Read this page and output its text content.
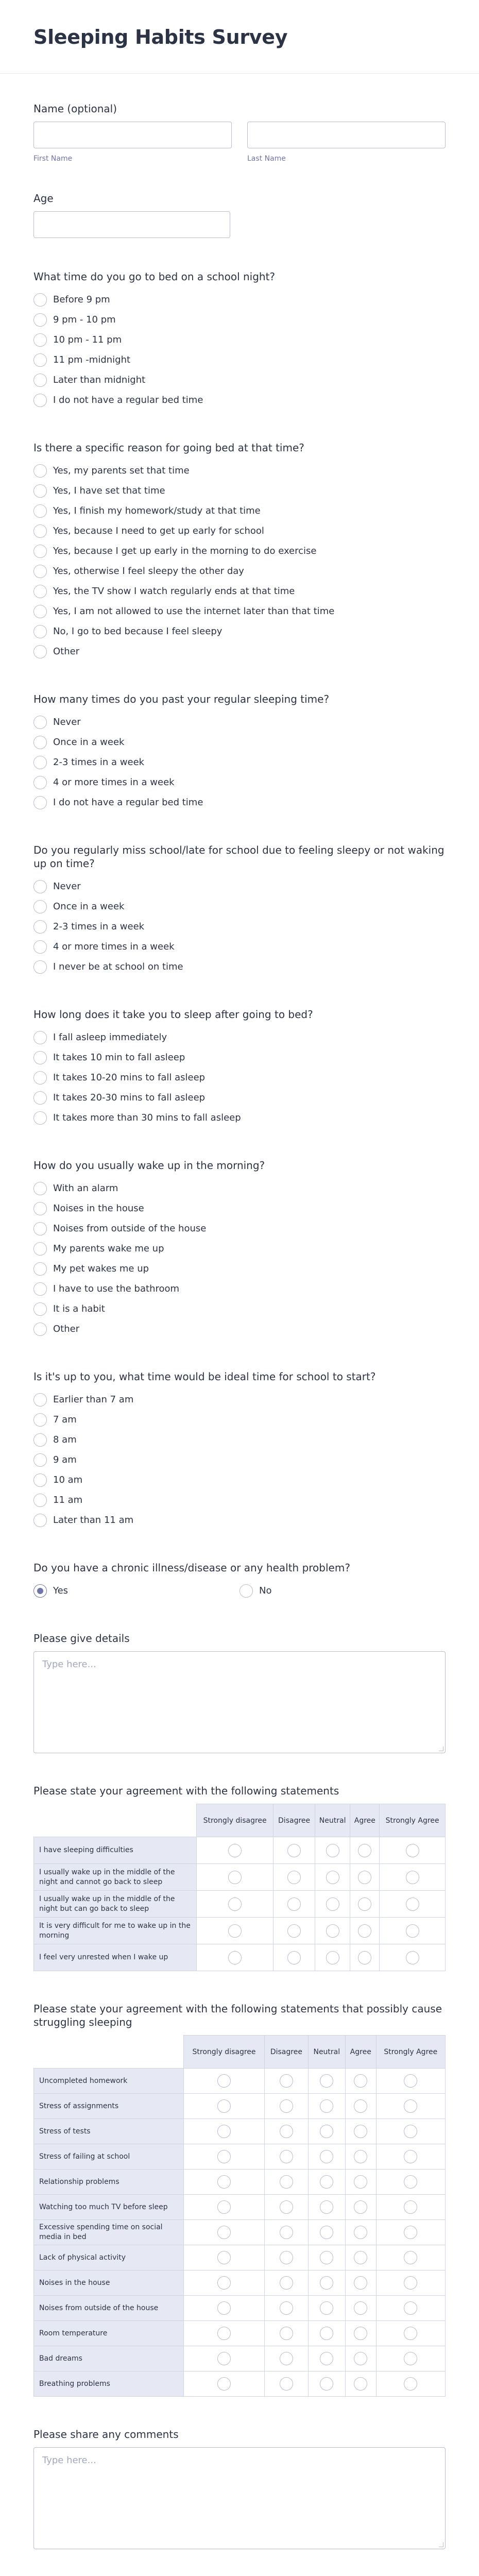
Sleeping Habits Survey
Name (optional)
First Name	Last Name
Age
What time do you go to bed on a school night?
Before 9 pm
9 pm - 10 pm
10 pm - 11 pm
11 pm -midnight
Later than midnight
I do not have a regular bed time
Is there a specific reason for going bed at that time?
Yes, my parents set that time
Yes, I have set that time
Yes, I finish my homework/study at that time
Yes, because I need to get up early for school
Yes, because I get up early in the morning to do exercise
Yes, otherwise I feel sleepy the other day
Yes, the TV show I watch regularly ends at that time
Yes, I am not allowed to use the internet later than that time
No, I go to bed because I feel sleepy
Other
How many times do you past your regular sleeping time?
Never
Once in a week
2-3 times in a week
4 or more times in a week
I do not have a regular bed time
Do you regularly miss school/late for school due to feeling sleepy or not waking up on time?
Never
Once in a week
2-3 times in a week
4 or more times in a week
I never be at school on time
How long does it take you to sleep after going to bed?
I fall asleep immediately
It takes 10 min to fall asleep
It takes 10-20 mins to fall asleep
It takes 20-30 mins to fall asleep
It takes more than 30 mins to fall asleep
How do you usually wake up in the morning?
With an alarm
Noises in the house
Noises from outside of the house
My parents wake me up
My pet wakes me up
I have to use the bathroom
It is a habit
Other
Is it's up to you, what time would be ideal time for school to start?
Earlier than 7 am
7 am
8 am
9 am
10 am
11 am
Later than 11 am
Do you have a chronic illness/disease or any health problem?
Yes	No
Please give details
Type here...
Please state your agreement with the following statements
	Strongly disagree	Disagree	Neutral	Agree	Strongly Agree
I have sleeping difficulties					
I usually wake up in the middle of the night and cannot go back to sleep					
I usually wake up in the middle of the night but can go back to sleep					
It is very difficult for me to wake up in the morning					
I feel very unrested when I wake up					
Please state your agreement with the following statements that possibly cause struggling sleeping
	Strongly disagree	Disagree	Neutral	Agree	Strongly Agree
Uncompleted homework					
Stress of assignments					
Stress of tests					
Stress of failing at school					
Relationship problems					
Watching too much TV before sleep					
Excessive spending time on social media in bed					
Lack of physical activity					
Noises in the house					
Noises from outside of the house					
Room temperature					
Bad dreams					
Breathing problems					
Please share any comments
Type here...
